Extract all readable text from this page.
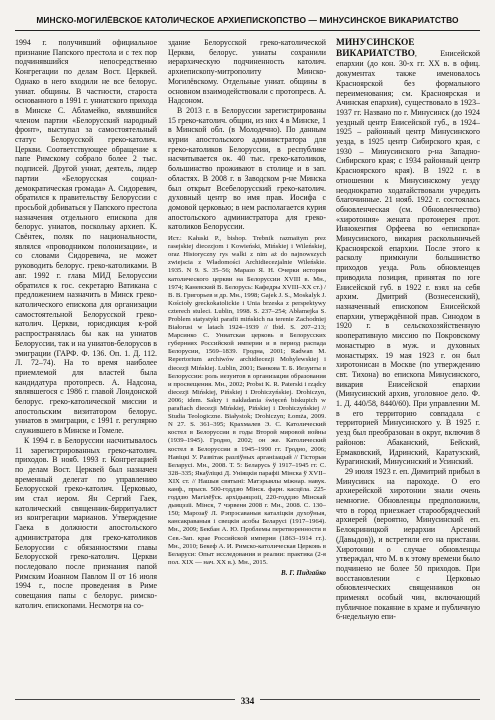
МИНСКО-МОГИЛЁВСКОЕ КАТОЛИЧЕСКОЕ АРХИЕПИСКОПСТВО — МИНУСИНСКОЕ ВИКАРИАТСТВО

1994 г. получивший официальное признание Папского престола и с тех пор подчинявшийся непосредственно Конгрегации по делам Вост. Церквей. Однако в него входили не все белорус. униат. общины. В частности, староста основанного в 1991 г. униатского прихода в Минске С. Абламейко, являвшийся членом партии «Белорусский народный фронт», выступал за самостоятельный статус Белорусской греко-католич. Церкви. Соответствующее обращение к папе Римскому собрало более 2 тыс. подписей. Другой униат, деятель, лидер партии «Белорусская социал-демократическая громада» А. Сидоревич, обратился к правительству Белоруссии с просьбой добиваться у Папского престола назначения отдельного епископа для белорус. униатов, поскольку архиеп. К. Свёнтек, поляк по национальности, являлся «проводником полонизации», и со словами Сидоревича, не может руководить белорус. греко-католиками. В авг. 1992 г. глава МИД Белоруссии обратился к гос. секретарю Ватикана с предложением назначить в Минск греко-католического епископа для организации самостоятельной Белорусской греко-католич. Церкви, юрисдикция к-рой распространялась бы как на униатов Белоруссии, так и на униатов-белорусов в эмиграции (ГАРФ. Ф. 136. Оп. 1. Д. 112. Л. 72–74). На то время наиболее приемлемой для властей была кандидатура протопресв. А. Надсона, являвшегося с 1986 г. главой Лондонской белорус. греко-католической миссии и апостольским визитатором белорус. униатов в эмиграции, с 1991 г. регулярно служившего в Минске и Гомеле.

К 1994 г. в Белоруссии насчитывалось 11 зарегистрированных греко-католич. приходов. В нояб. 1993 г. Конгрегацией по делам Вост. Церквей был назначен временный делегат по управлению Белорусской греко-католич. Церковью, им стал иером. Ян Сергий Гаек, католический священник-бирритуалист из конгрегации марианов. Утверждение Гаека в должности апостольского администратора для греко-католиков Белоруссии с обязанностями главы Белорусской греко-католич. Церкви последовало после признания папой Римским Иоанном Павлом II от 16 июля 1994 г., после проведения в Риме совещания папы с белорус. римско-католич. епископами. Несмотря на со-

здание Белорусской греко-католической Церкви, белорус. униаты сохранили иерархическую подчиненность католич. архиепископу-митрополиту Минско-Могилёвскому. Отдельные униат. общины в основном взаимодействовали с протопресв. А. Надсоном.

В 2013 г. в Белоруссии зарегистрированы 15 греко-католич. общин, из них 4 в Минске, 1 в Минской обл. (в Молодечно). По данным курии апостольского администратора для греко-католиков Белоруссии, в республике насчитывается ок. 40 тыс. греко-католиков, большинство проживают в столице и в зап. областях. В 2008 г. в Заводском р-не Минска был открыт Всебелорусский греко-католич. духовный центр во имя прав. Иосифа с домовой церковью; в нем располагается курия апостольского администратора для греко-католиков Белоруссии.

Ист.: Kałuski P., bishop. Trebnik razmaitym prez rasejskiej diecezjom i Kowieński, Mińskiej i Wileńskiej, oraz Historyczny rys walki z nim aż do najnowszych zwiejscia z Władomości Archidiecezjalnie Wileńskie. 1935. N 9. S. 35–56; Маразо Я. Н. Очерки истории католического церкви на Белоруссии XVIII в. Мн., 1974; Каневский В. Белорусь: Кафедры XVIII–XX ст.) / В. В. Григорьев и др. Мн., 1998; Gajek J. S., Moskalyk J. Kościoły greckokatolickie i Unia brzeska z perspektywy czterech stuleci. Lublin, 1998. S. 237–254; Abłamejka S. Problem statystyki parafii mińskich na terenie Zachodniej Białorusi w latach 1924–1939 // Ibid. S. 207–213; Марсинко С. Униатская церковь в Белорусских губерниях Российской империи и в период распада Белорусии, 1569–1839. Гродна, 2001; Radwan M. Repertorium archiwów archidiecezji Mohylewskiej i diecezji Mińskiej. Lublin, 2001; Ванкова Т. Б. Иезуиты в Белоруссии: роль иезуитов в организации образования и просвещения. Мн., 2002; Probst K. R. Paterski i rządcy diecezji Mińskiej, Pińskiej i Drohiczyńskiej. Drohiczyn, 2006; idem. Sakry i nakładania święceń biskupich w parafiach diecezji Mińskiej, Pińskiej i Drohiczyńskiej // Studia Teologiczne. Białystok; Drohiczyn; Łomża, 2009. N 27. S. 361–395; Крахмалев Э. С. Католический костел в Белоруссии в годы Второй мировой войны (1939–1945). Гродно, 2002; он же. Католический костел в Белоруссии в 1945–1990 гг. Гродно, 2006; Навіцкі У. Развітак разліўных арганізацый // Гісторыя Беларусі. Мн., 2008. Т. 5: Беларусь ў 1917–1945 гг. С. 328–335; Якаўліцкі Д. Уніяцкія парафіі Мінска ў XVII–XIX ст. // Нашыя святыні: Матэрыялы міжнар. навук. канф., прысв. 500-годдзю Мінск. фарн. касцёла. 225-годдзю Магілёўск. архідыяцэзіі, 220-годдзю Мінскай дыяцэзіі. Мінск, 7 чэрвеня 2008 г. Мн., 2008. С. 130–150; Марозаў Л. Рэпрэсаваныя каталіцкія духоўныя, кансакраваныя і свецкія асобы Беларусі (1917–1964). Мн., 2009; Бекбан А. Ю. Проблемы перетворенности в Сев.-Зап. крае Российской империи (1863–1914 гг.). Мн., 2010; Бекеф А. И. Римско-католическая Церковь в Беларуси: Опыт исследования и реалии: практика (2-я пол. XIX — нач. XX в.). Мн., 2015.

В. Г. Пидгайко

МИНУСИНСКОЕ ВИКАРИАТСТВО, Енисейской епархии (до кон. 30-х гг. XX в. в офиц. документах также именовалось Красноярской без формального переименования; см. Красноярская и Ачинская епархия), существовало в 1923–1937 гг. Названо по г. Минусинск (до 1924 уездный центр Енисейской губ., в 1924–1925 – районный центр Минусинского уезда, в 1925 центр Сибирского края, с 1930 – Минусинского р-на Западно-Сибирского края; с 1934 районный центр Красноярского края). В 1922 г. в отношении к Минусинскому уезду неоднократно ходатайствовали учредить благочинные. 21 нояб. 1922 г. состоялась обновленческая (см. Обновленчество) «хиротония» жената протоиерея прот. Иннокентия Орфеева во «епископа» Минусинского, викария расколыничьей Красноярской епархии. После этого к расколу примкнули большинство приходов уезда. Роль обновленцев приводила позиция, принятая по юге Енисейской губ. в 1922 г. взял на себя архим. Дмитрий (Вознесенский), назначенный епископом Енисейской епархии, утверждённой прав. Синодом в 1920 г. в сельскохозяйственную кооперативную миссию по Покровскому монастырю в муж. и духовных монастырях. 19 мая 1923 г. он был хиротонисан в Москве (по утверждению свт. Тихона) во епископа Минусинского, викария Енисейской епархии (Минусинский архив, уголовное дело. Ф. 1. Д. 440/58, 8440/60). При управлении М. в его территорию совпадала с территорией Минусинского у. В 1925 г. уезд был преобразован в округ, включив 8 районов: Абаканский, Бейский, Ермаковский, Идринский, Каратузский, Курагинский, Минусинский и Усинский.

29 июля 1923 г. еп. Димитрий прибыл в Минусинск на пароходе. О его архиерейской хиротонии знали очень немногие. Обновленцы предположили, что в город приезжает старообрядческий архиерей (вероятно, Минусинский еп. Белокриницкой иерархии Арсений (Давыдов)), и встретили его на пристани. Хиротонии о случае обновленцы утверждал, что М. в к этому времени было подчинено не более 50 приходов. При восстановлении с Церковью обновленческих священников он применял особый чин, включающий публичное покаяние в храме и публичную 6-недельную епи-

334
